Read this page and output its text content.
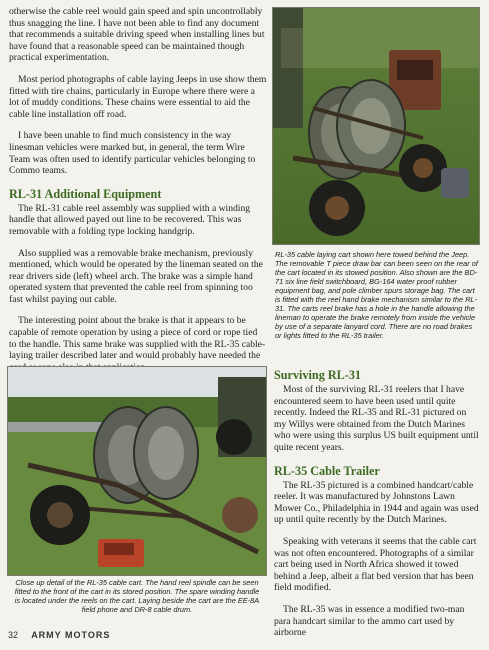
otherwise the cable reel would gain speed and spin uncontrollably thus snagging the line. I have not been able to find any document that recommends a suitable driving speed when installing lines but have found that a reasonable speed can be maintained though practical experimentation.

Most period photographs of cable laying Jeeps in use show them fitted with tire chains, particularly in Europe where there were a lot of muddy conditions. These chains were essential to aid the cable line installation off road.

I have been unable to find much consistency in the way linesman vehicles were marked but, in general, the term Wire Team was often used to identify particular vehicles belonging to Commo teams.

RL-31 Additional Equipment

The RL-31 cable reel assembly was supplied with a winding handle that allowed payed out line to be recovered. This was removable with a folding type locking handgrip.

Also supplied was a removable brake mechanism, previously mentioned, which would be operated by the lineman seated on the rear drivers side (left) wheel arch. The brake was a simple hand operated system that prevented the cable reel from spinning too fast whilst paying out cable.

The interesting point about the brake is that it appears to be capable of remote operation by using a piece of cord or rope tied to the handle. This same brake was supplied with the RL-35 cable-laying trailer described later and would probably have needed the

RL-35 cable laying cart shown here towed behind the Jeep. The removable T piece draw bar can been seen on the rear of the cart located in its stowed position. Also shown are the BD-71 six line field switchboard, BG-164 water proof rubber equipment bag, and pole climber spurs storage bag. The cart is fitted with the reel hand brake mechanism similar to the RL-31. The carts reel brake has a hole in the handle allowing the lineman to operate the brake remotely from inside the vehicle by use of a separate lanyard cord. There are no road brakes or lights fitted to the RL-35 trailer.
Close up detail of the RL-35 cable cart. The hand reel spindle can be seen fitted to the front of the cart in its stored position. The spare winding handle is located under the reels on the cart. Laying beside the cart are the EE-8A field phone and DR-8 cable drum.
Surviving RL-31

Most of the surviving RL-31 reelers that I have encountered seem to have been used until quite recently. Indeed the RL-35 and RL-31 pictured on my Willys were obtained from the Dutch Marines who were using this surplus US built equipment until quite recent years.

RL-35 Cable Trailer

The RL-35 pictured is a combined handcart/cable reeler. It was manufactured by Johnstons Lawn Mower Co., Philadelphia in 1944 and again was used up until quite recently by the Dutch Marines.

Speaking with veterans it seems that the cable cart was not often encountered. Photographs of a similar cart being used in North Africa showed it towed behind a Jeep, albeit a flat bed version that has been field modified.

The RL-35 was in essence a modified two-man para handcart similar to the ammo cart used by airborne

32 ARMY MOTORS
